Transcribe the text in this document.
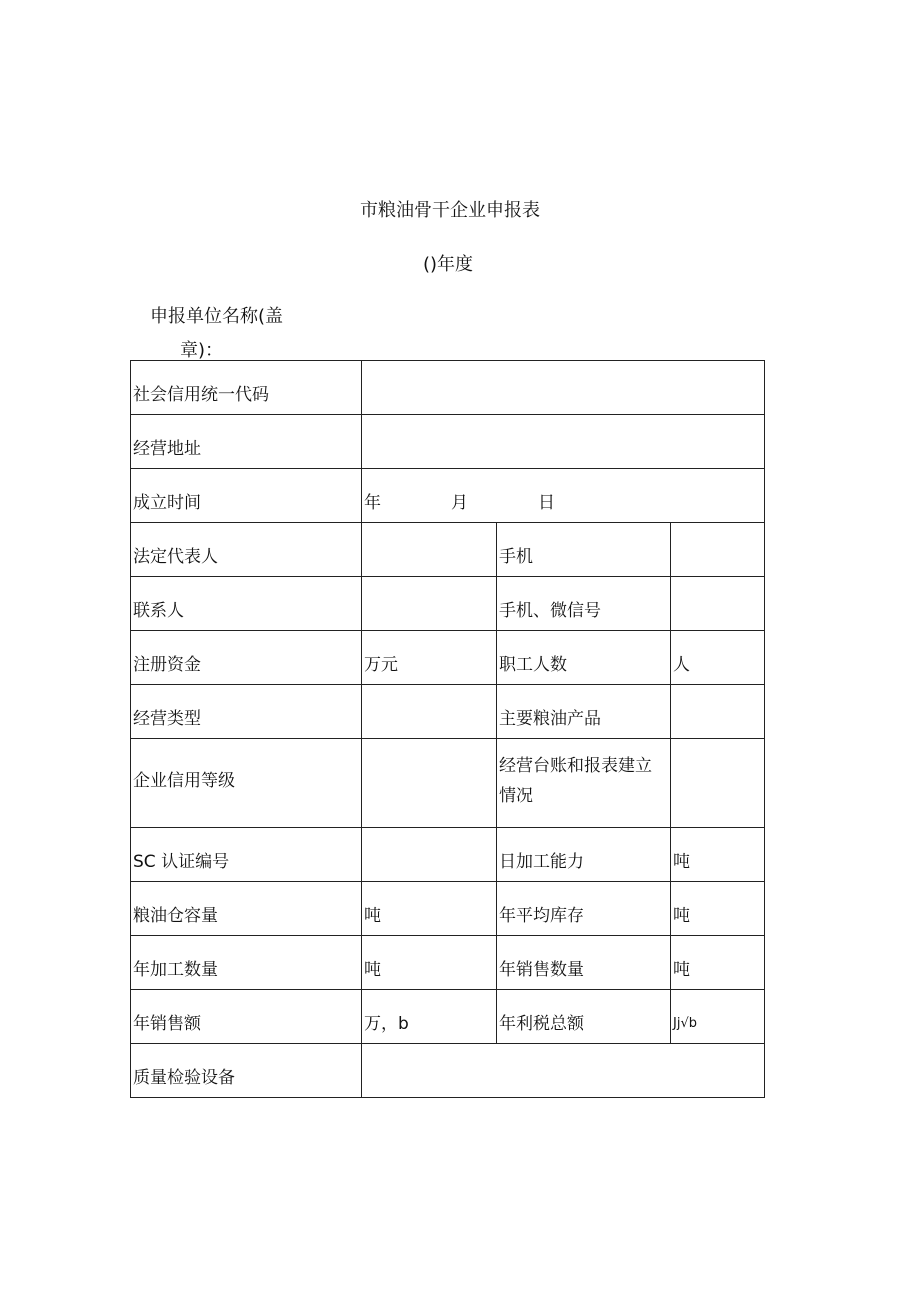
市粮油骨干企业申报表
()年度
申报单位名称(盖
章)：
社会信用统一代码			
经营地址			
成立时间	年 月 日		
法定代表人		手机	
联系人		手机、微信号	
注册资金	万元	职工人数	人
经营类型		主要粮油产品	
企业信用等级		经营台账和报表建立情况	
SC 认证编号		日加工能力	吨
粮油仓容量	吨	年平均库存	吨
年加工数量	吨	年销售数量	吨
年销售额	万，b	年利税总额	Jj√b
质量检验设备			
